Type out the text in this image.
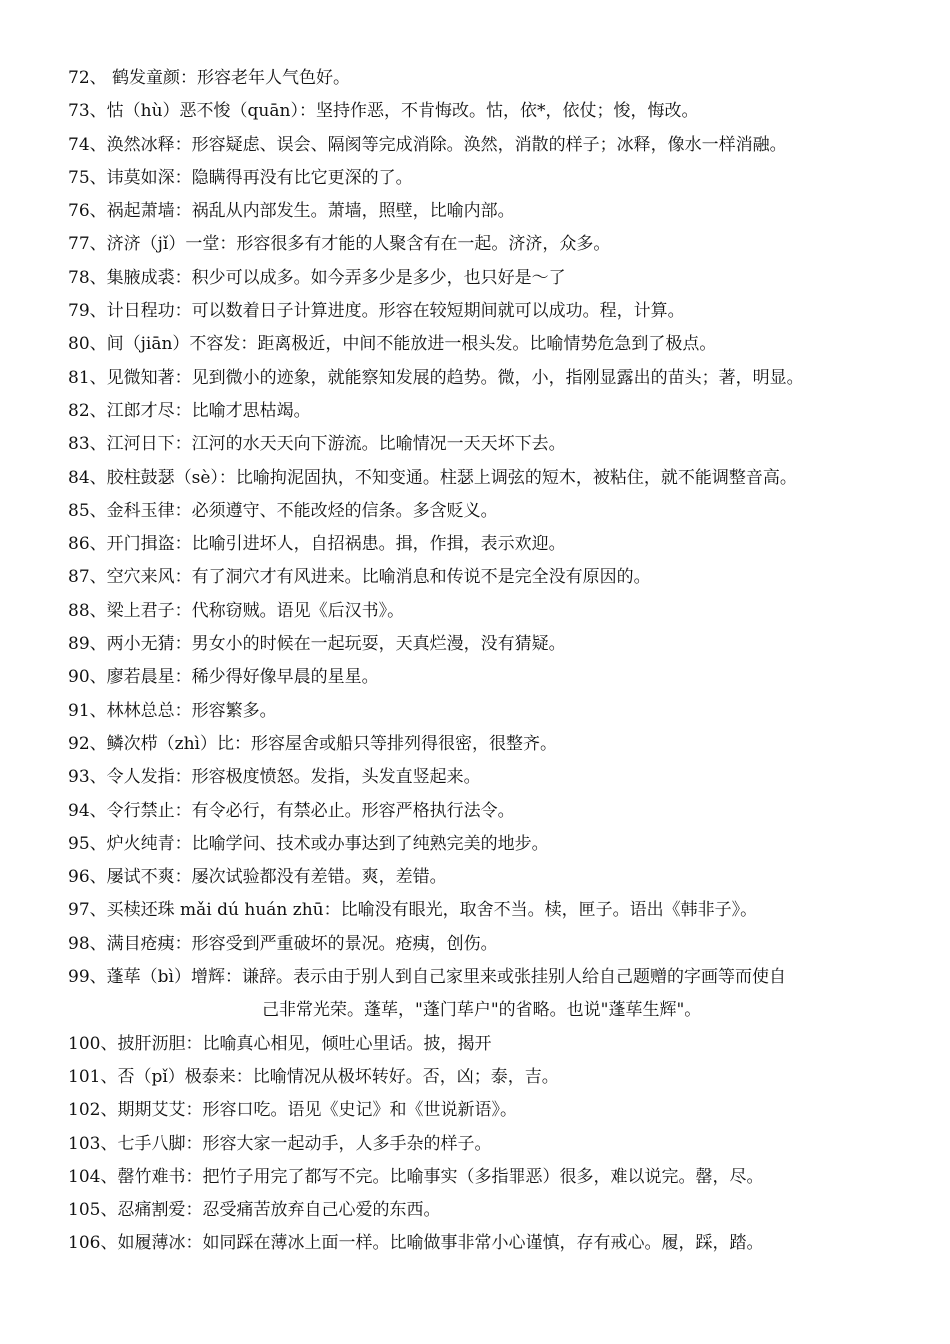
72、 鹤发童颜：形容老年人气色好。
73、怙（hù）恶不悛（quān）：坚持作恶，不肯悔改。怙，依*，依仗；悛，悔改。
74、涣然冰释：形容疑虑、误会、隔阂等完成消除。涣然，消散的样子；冰释，像水一样消融。
75、讳莫如深：隐瞒得再没有比它更深的了。
76、祸起萧墙：祸乱从内部发生。萧墙，照壁，比喻内部。
77、济济（jǐ）一堂：形容很多有才能的人聚含有在一起。济济，众多。
78、集腋成裘：积少可以成多。如今弄多少是多少，也只好是～了
79、计日程功：可以数着日子计算进度。形容在较短期间就可以成功。程，计算。
80、间（jiān）不容发：距离极近，中间不能放进一根头发。比喻情势危急到了极点。
81、见微知著：见到微小的迹象，就能察知发展的趋势。微，小，指刚显露出的苗头；著，明显。
82、江郎才尽：比喻才思枯竭。
83、江河日下：江河的水天天向下游流。比喻情况一天天坏下去。
84、胶柱鼓瑟（sè）：比喻拘泥固执，不知变通。柱瑟上调弦的短木，被粘住，就不能调整音高。
85、金科玉律：必须遵守、不能改烃的信条。多含贬义。
86、开门揖盗：比喻引进坏人，自招祸患。揖，作揖，表示欢迎。
87、空穴来风：有了洞穴才有风进来。比喻消息和传说不是完全没有原因的。
88、梁上君子：代称窃贼。语见《后汉书》。
89、两小无猜：男女小的时候在一起玩耍，天真烂漫，没有猜疑。
90、廖若晨星：稀少得好像早晨的星星。
91、林林总总：形容繁多。
92、鳞次栉（zhì）比：形容屋舍或船只等排列得很密，很整齐。
93、令人发指：形容极度愤怒。发指，头发直竖起来。
94、令行禁止：有令必行，有禁必止。形容严格执行法令。
95、炉火纯青：比喻学问、技术或办事达到了纯熟完美的地步。
96、屡试不爽：屡次试验都没有差错。爽，差错。
97、买椟还珠 mǎi dú huán zhū：比喻没有眼光，取舍不当。椟，匣子。语出《韩非子》。
98、满目疮痍：形容受到严重破坏的景况。疮痍，创伤。
99、蓬荜（bì）增辉：谦辞。表示由于别人到自己家里来或张挂别人给自己题赠的字画等而使自
己非常光荣。蓬荜，"蓬门荜户"的省略。也说"蓬荜生辉"。
100、披肝沥胆：比喻真心相见，倾吐心里话。披，揭开
101、否（pǐ）极泰来：比喻情况从极坏转好。否，凶；泰，吉。
102、期期艾艾：形容口吃。语见《史记》和《世说新语》。
103、七手八脚：形容大家一起动手，人多手杂的样子。
104、罄竹难书：把竹子用完了都写不完。比喻事实（多指罪恶）很多，难以说完。罄，尽。
105、忍痛割爱：忍受痛苦放弃自己心爱的东西。
106、如履薄冰：如同踩在薄冰上面一样。比喻做事非常小心谨慎，存有戒心。履，踩，踏。
